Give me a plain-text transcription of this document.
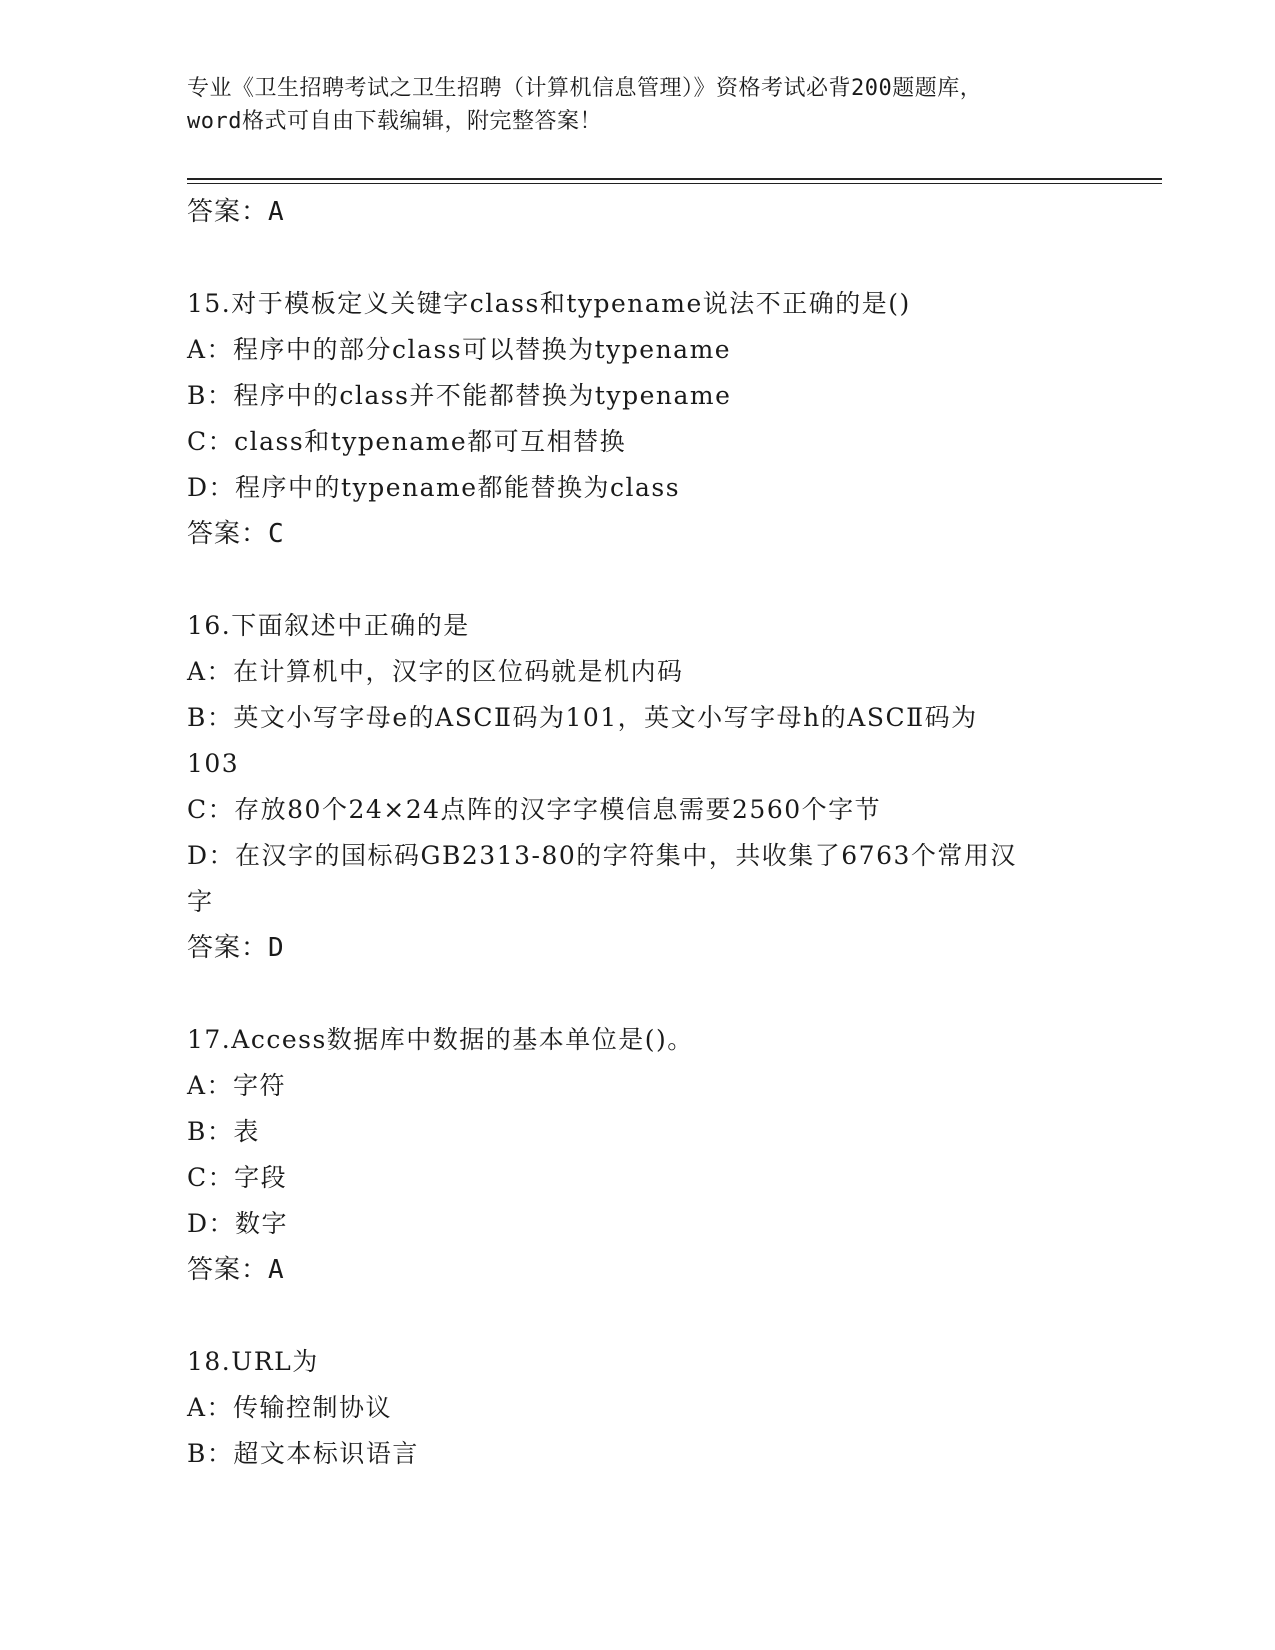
专业《卫生招聘考试之卫生招聘（计算机信息管理）》资格考试必背200题题库，
word格式可自由下载编辑，附完整答案！
答案：A
15.对于模板定义关键字class和typename说法不正确的是()
A：程序中的部分class可以替换为typename
B：程序中的class并不能都替换为typename
C：class和typename都可互相替换
D：程序中的typename都能替换为class
答案：C
16.下面叙述中正确的是
A：在计算机中，汉字的区位码就是机内码
B：英文小写字母e的ASCⅡ码为101，英文小写字母h的ASCⅡ码为
103
C：存放80个24×24点阵的汉字字模信息需要2560个字节
D：在汉字的国标码GB2313-80的字符集中，共收集了6763个常用汉
字
答案：D
17.Access数据库中数据的基本单位是()。
A：字符
B：表
C：字段
D：数字
答案：A
18.URL为
A：传输控制协议
B：超文本标识语言
